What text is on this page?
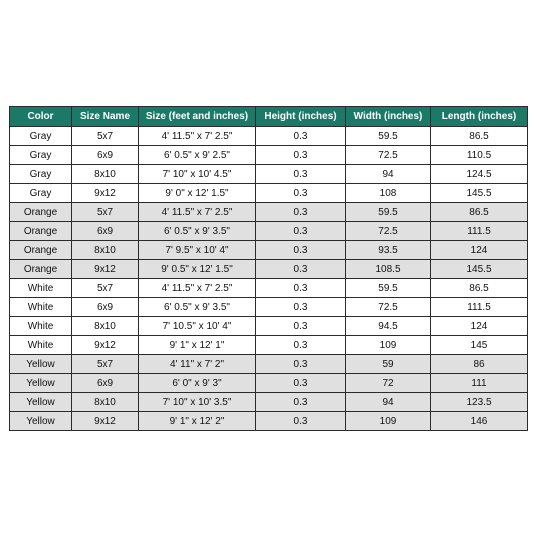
Color	Size Name	Size (feet and inches)	Height (inches)	Width (inches)	Length (inches)
Gray	5x7	4' 11.5" x 7' 2.5"	0.3	59.5	86.5
Gray	6x9	6' 0.5" x 9' 2.5"	0.3	72.5	110.5
Gray	8x10	7' 10" x 10' 4.5"	0.3	94	124.5
Gray	9x12	9' 0" x 12' 1.5"	0.3	108	145.5
Orange	5x7	4' 11.5" x 7' 2.5"	0.3	59.5	86.5
Orange	6x9	6' 0.5" x 9' 3.5"	0.3	72.5	111.5
Orange	8x10	7' 9.5" x 10' 4"	0.3	93.5	124
Orange	9x12	9' 0.5" x 12' 1.5"	0.3	108.5	145.5
White	5x7	4' 11.5" x 7' 2.5"	0.3	59.5	86.5
White	6x9	6' 0.5" x 9' 3.5"	0.3	72.5	111.5
White	8x10	7' 10.5" x 10' 4"	0.3	94.5	124
White	9x12	9' 1" x 12' 1"	0.3	109	145
Yellow	5x7	4' 11" x 7' 2"	0.3	59	86
Yellow	6x9	6' 0" x 9' 3"	0.3	72	111
Yellow	8x10	7' 10" x 10' 3.5"	0.3	94	123.5
Yellow	9x12	9' 1" x 12' 2"	0.3	109	146
